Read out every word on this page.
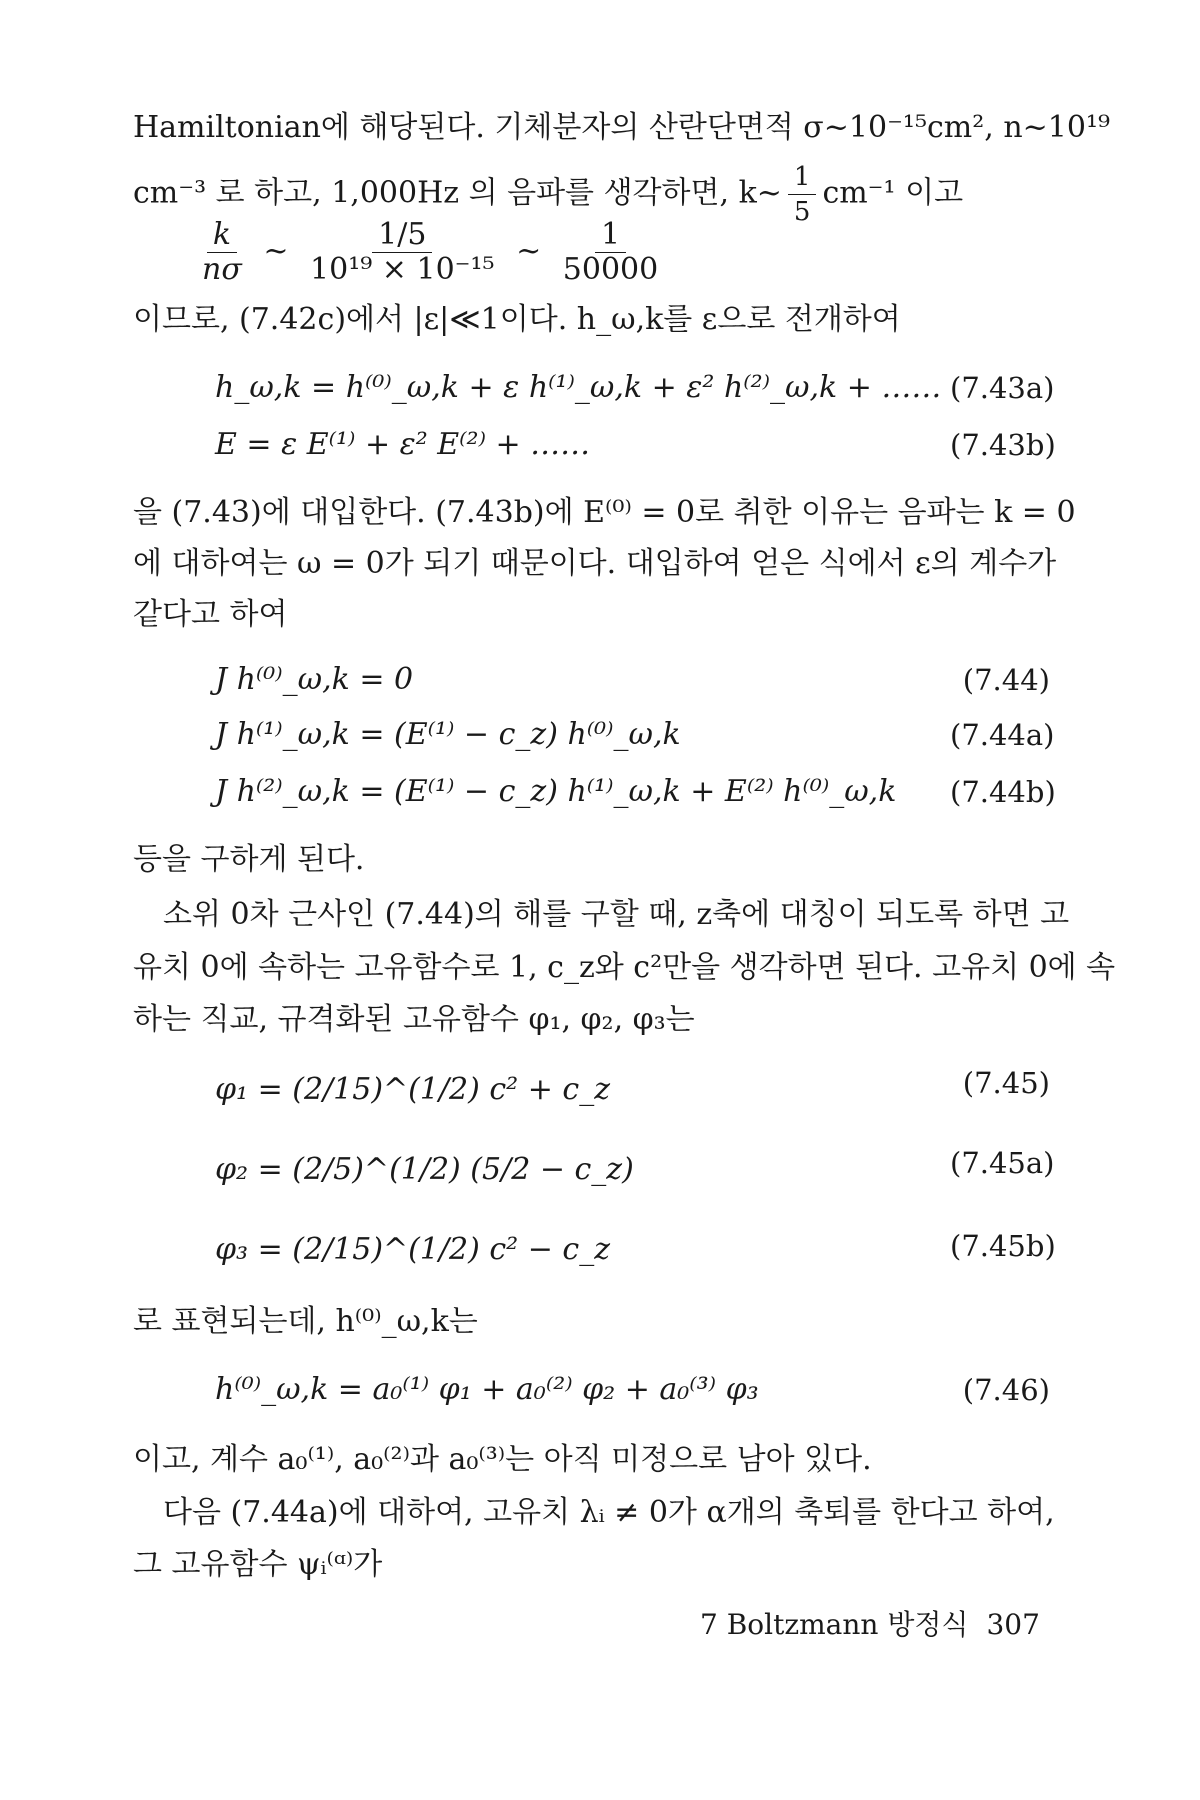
Hamiltonian에 해당된다. 기체분자의 산란단면적 σ~10⁻¹⁵cm², n~10¹⁹
cm⁻³ 로 하고, 1,000Hz 의 음파를 생각하면, k~ $\frac{1}{5} cm^{-1}$ 이고
$\frac{k}{n\sigma}$ ~ $\frac{1/5}{\text{10¹⁹ × 10⁻¹⁵}}$ ~ $\frac{1}{50000}$
이므로, (7.42c)에서 |ε|≪1이다. h_ω,k를 ε으로 전개하여
h_ω,k = h⁽⁰⁾_ω,k + ε h⁽¹⁾_ω,k + ε² h⁽²⁾_ω,k + …… (7.43a)
E = ε E⁽¹⁾ + ε² E⁽²⁾ + ……	(7.43b)
을 (7.43)에 대입한다. (7.43b)에 E⁽⁰⁾ = 0로 취한 이유는 음파는 k = 0
에 대하여는 ω = 0가 되기 때문이다. 대입하여 얻은 식에서 ε의 계수가
같다고 하여
J h⁽⁰⁾_ω,k = 0	(7.44)
J h⁽¹⁾_ω,k = (E⁽¹⁾ − c_z) h⁽⁰⁾_ω,k	(7.44a)
J h⁽²⁾_ω,k = (E⁽¹⁾ − c_z) h⁽¹⁾_ω,k + E⁽²⁾ h⁽⁰⁾_ω,k (7.44b)
등을 구하게 된다.
소위 0차 근사인 (7.44)의 해를 구할 때, z축에 대칭이 되도록 하면 고
유치 0에 속하는 고유함수로 1, c_z와 c²만을 생각하면 된다. 고유치 0에 속
하는 직교, 규격화된 고유함수 φ₁, φ₂, φ₃는
φ₁ = (2/15)^(1/2) c² + c_z	(7.45)
φ₂ = (2/5)^(1/2) (5/2 − c_z)	(7.45a)
φ₃ = (2/15)^(1/2) c² − c_z	(7.45b)
로 표현되는데, h⁽⁰⁾_ω,k는
h⁽⁰⁾_ω,k = a₀⁽¹⁾ φ₁ + a₀⁽²⁾ φ₂ + a₀⁽³⁾ φ₃	(7.46)
이고, 계수 a₀⁽¹⁾, a₀⁽²⁾과 a₀⁽³⁾는 아직 미정으로 남아 있다.
다음 (7.44a)에 대하여, 고유치 λᵢ ≠ 0가 α개의 축퇴를 한다고 하여,
그 고유함수 ψᵢ⁽ᵅ⁾가
7 Boltzmann 방정식 307
